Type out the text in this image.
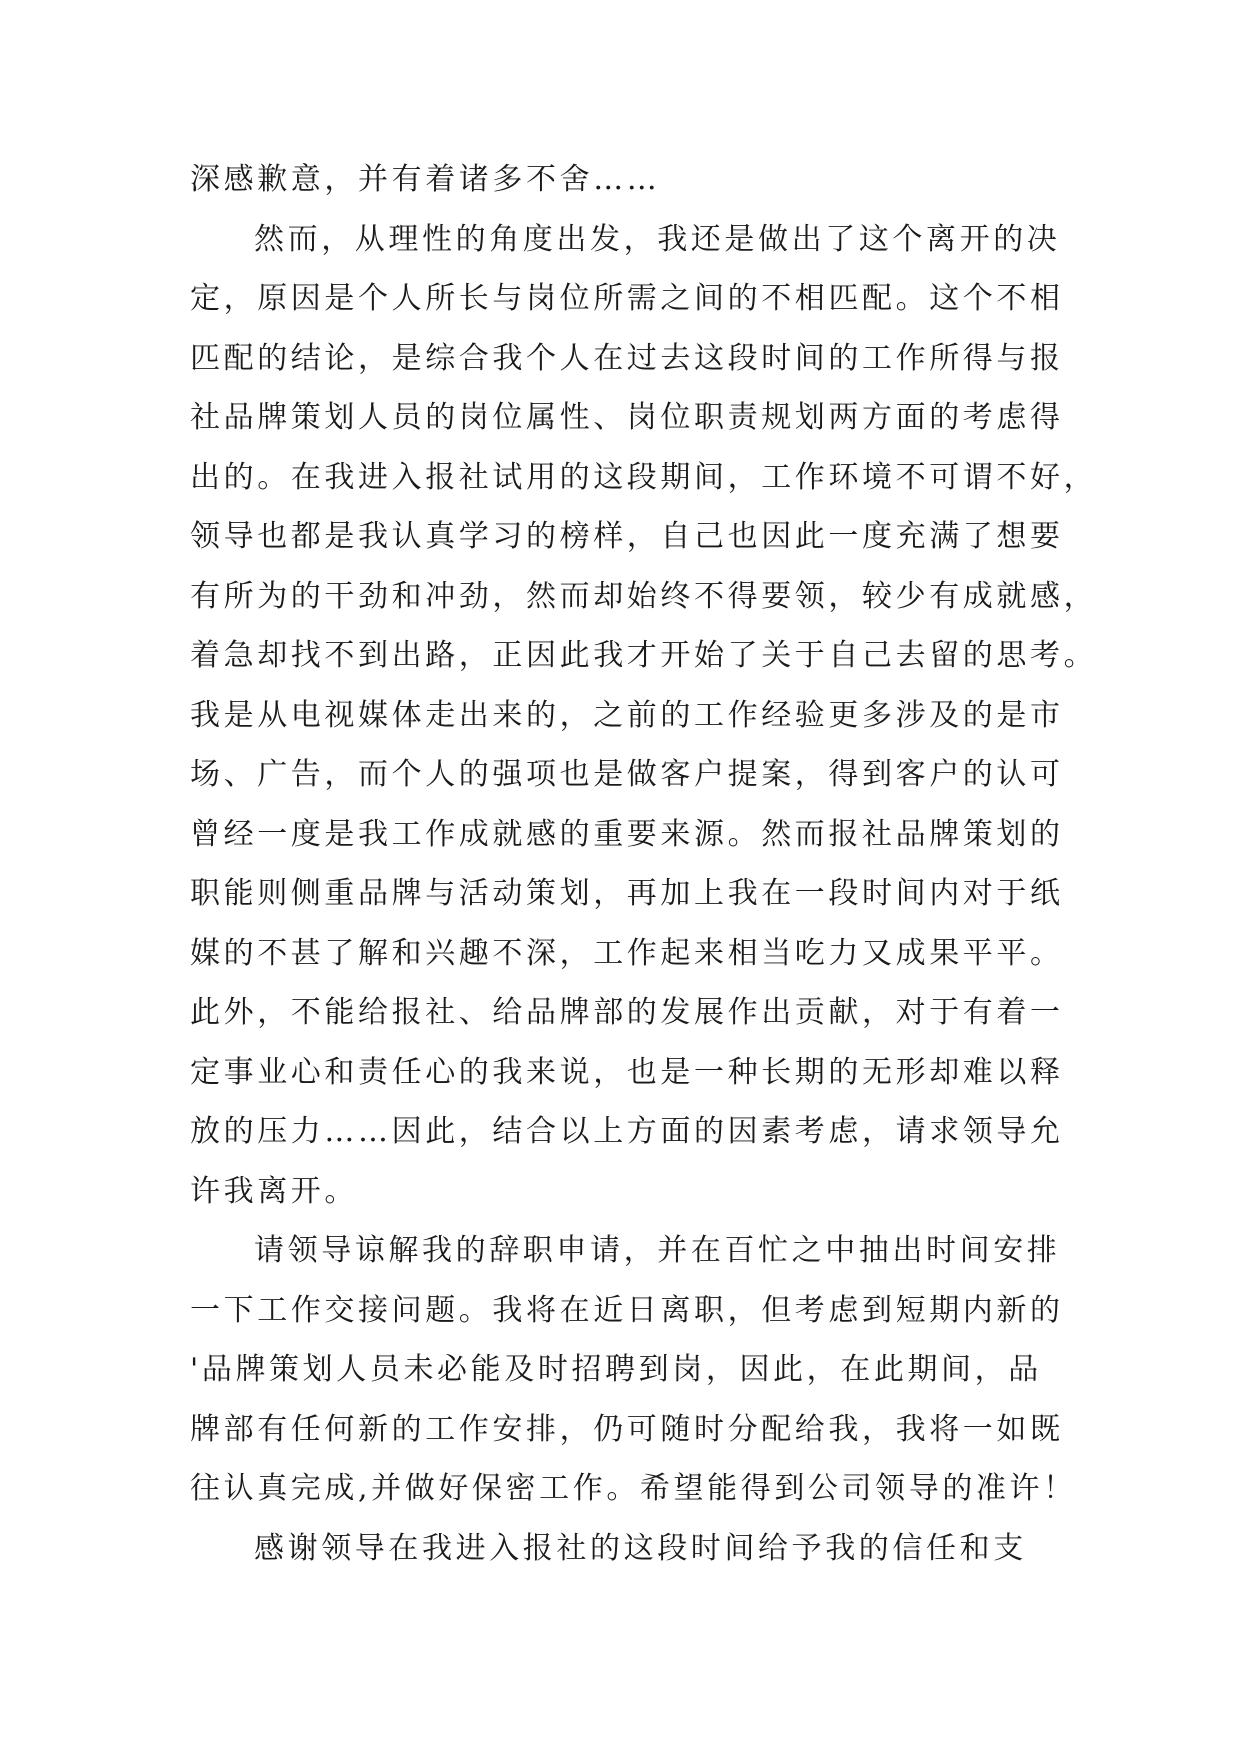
深感歉意，并有着诸多不舍……
然而，从理性的角度出发，我还是做出了这个离开的决
定，原因是个人所长与岗位所需之间的不相匹配。这个不相
匹配的结论，是综合我个人在过去这段时间的工作所得与报
社品牌策划人员的岗位属性、岗位职责规划两方面的考虑得
出的。在我进入报社试用的这段期间，工作环境不可谓不好，
领导也都是我认真学习的榜样，自己也因此一度充满了想要
有所为的干劲和冲劲，然而却始终不得要领，较少有成就感，
着急却找不到出路，正因此我才开始了关于自己去留的思考。
我是从电视媒体走出来的，之前的工作经验更多涉及的是市
场、广告，而个人的强项也是做客户提案，得到客户的认可
曾经一度是我工作成就感的重要来源。然而报社品牌策划的
职能则侧重品牌与活动策划，再加上我在一段时间内对于纸
媒的不甚了解和兴趣不深，工作起来相当吃力又成果平平。
此外，不能给报社、给品牌部的发展作出贡献，对于有着一
定事业心和责任心的我来说，也是一种长期的无形却难以释
放的压力……因此，结合以上方面的因素考虑，请求领导允
许我离开。
请领导谅解我的辞职申请，并在百忙之中抽出时间安排
一下工作交接问题。我将在近日离职，但考虑到短期内新的
'品牌策划人员未必能及时招聘到岗，因此，在此期间，品
牌部有任何新的工作安排，仍可随时分配给我，我将一如既
往认真完成,并做好保密工作。希望能得到公司领导的准许！
感谢领导在我进入报社的这段时间给予我的信任和支
